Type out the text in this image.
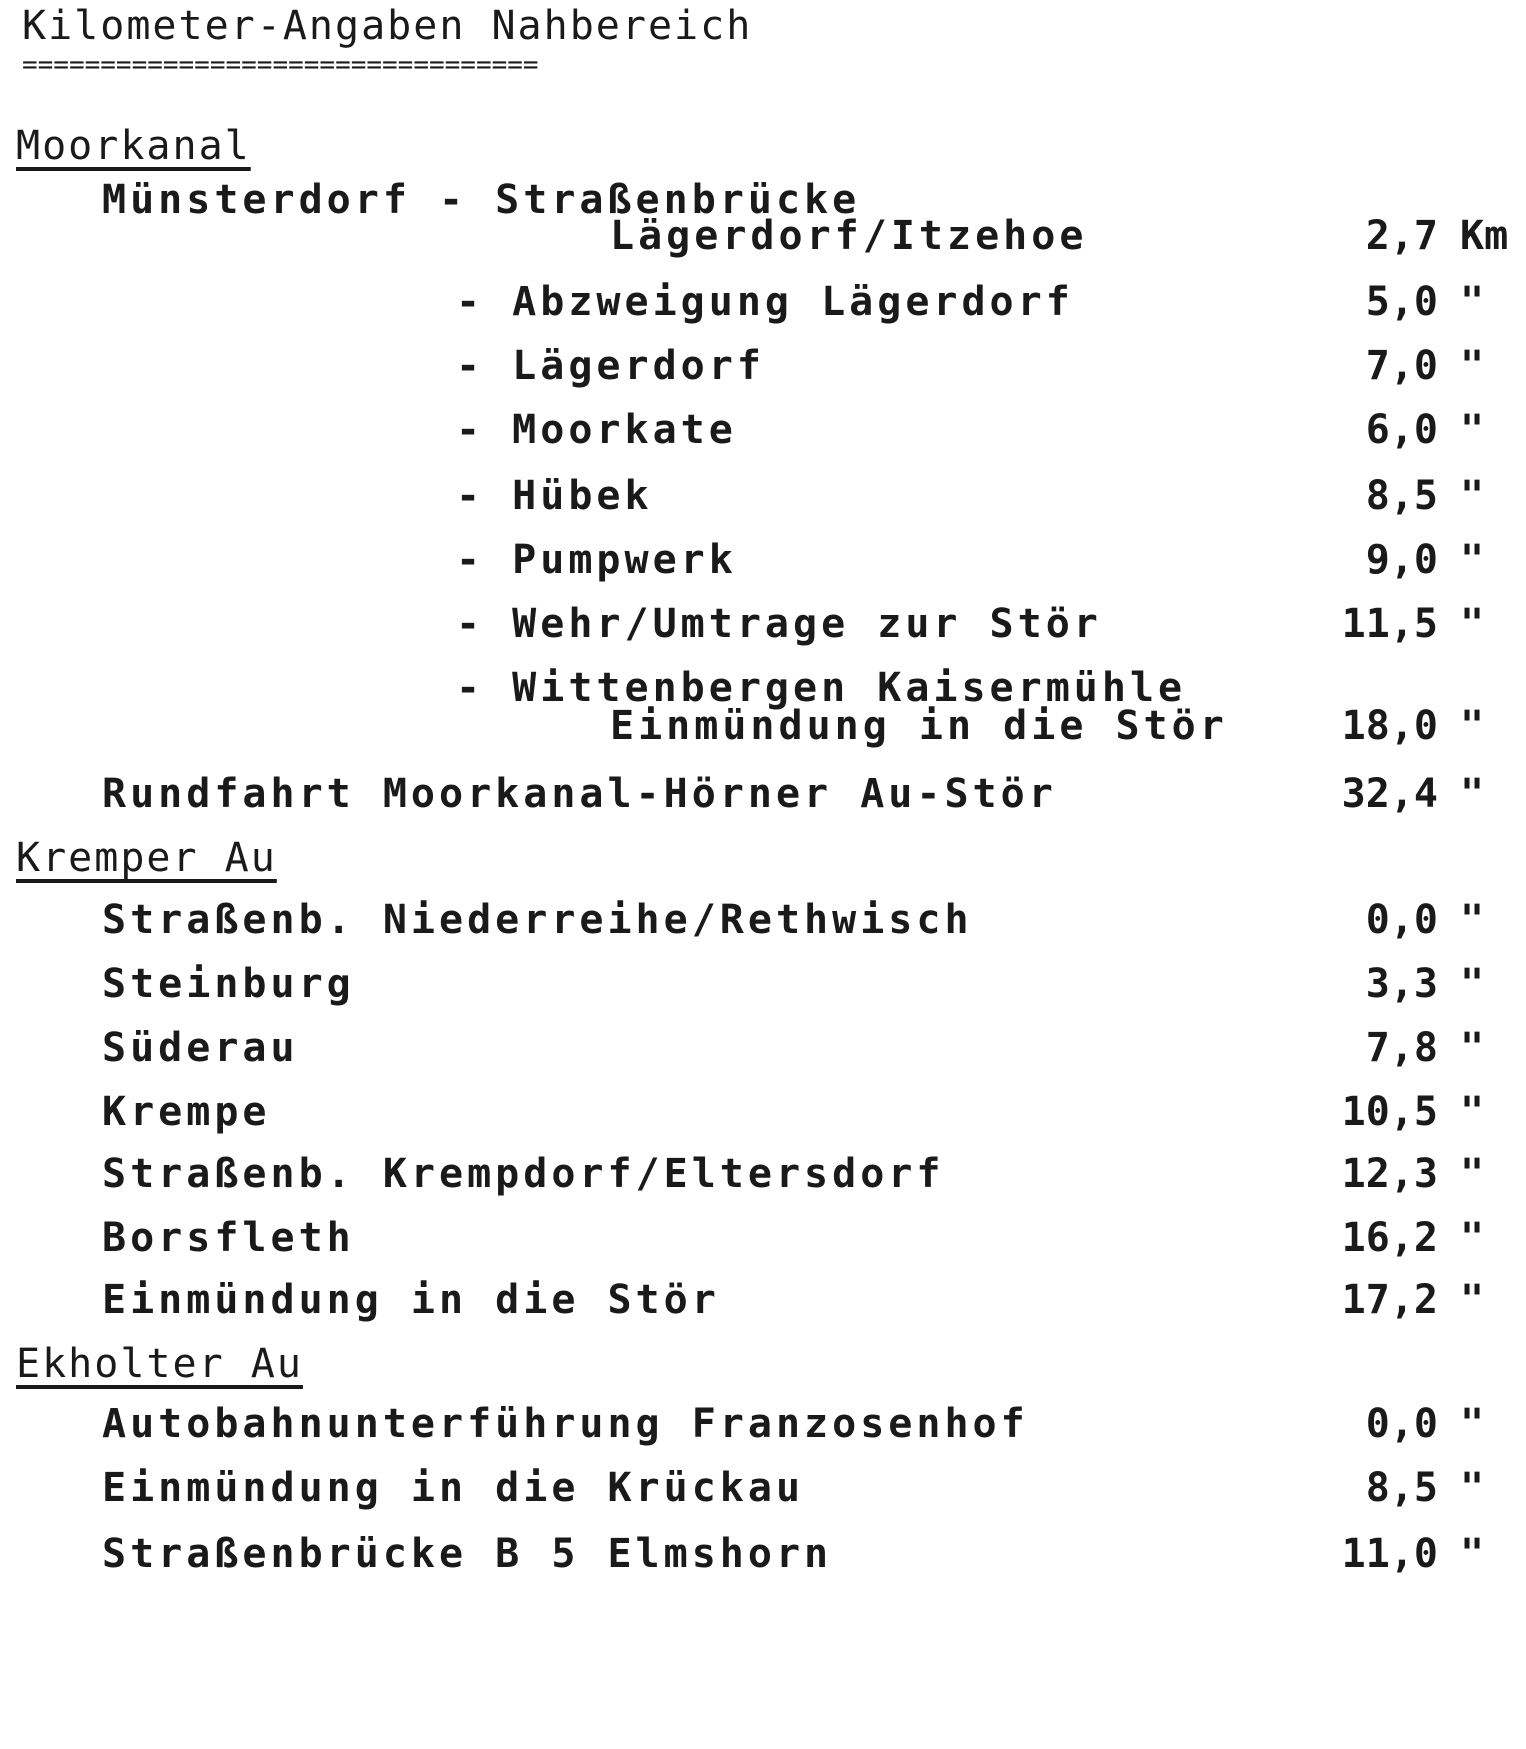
Kilometer-Angaben Nahbereich
=================================
Moorkanal
Münsterdorf - Straßenbrücke
Lägerdorf/Itzehoe	2,7 Km
- Abzweigung Lägerdorf	5,0 "
- Lägerdorf	7,0 "
- Moorkate	6,0 "
- Hübek	8,5 "
- Pumpwerk	9,0 "
- Wehr/Umtrage zur Stör	11,5 "
- Wittenbergen Kaisermühle
Einmündung in die Stör	18,0 "
Rundfahrt Moorkanal-Hörner Au-Stör	32,4 "
Kremper Au
Straßenb. Niederreihe/Rethwisch	0,0 "
Steinburg	3,3 "
Süderau	7,8 "
Krempe	10,5 "
Straßenb. Krempdorf/Eltersdorf	12,3 "
Borsfleth	16,2 "
Einmündung in die Stör	17,2 "
Ekholter Au
Autobahnunterführung Franzosenhof	0,0 "
Einmündung in die Krückau	8,5 "
Straßenbrücke B 5 Elmshorn	11,0 "
